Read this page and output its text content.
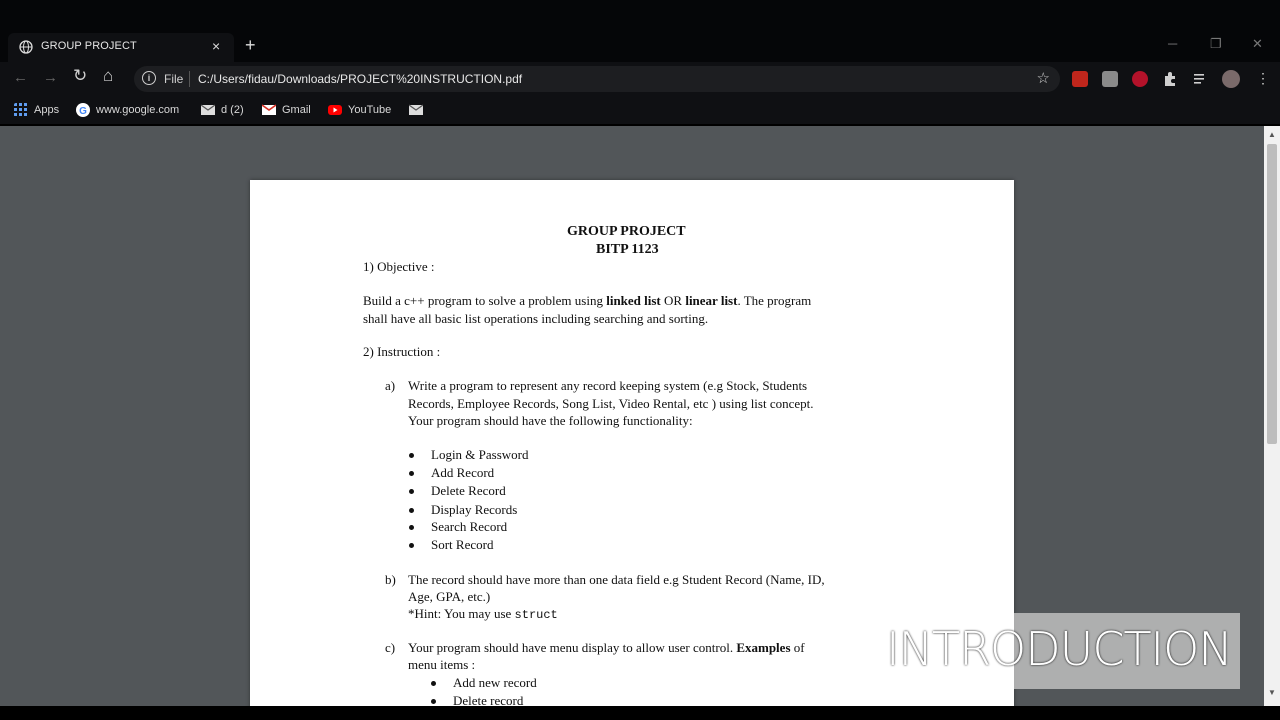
GROUP PROJECT	× +	─	❐ ✕
← → ↻ ⌂	i	File C:/Users/fidau/Downloads/PROJECT%20INSTRUCTION.pdf	☆	⋮
Apps G www.google.com	d (2)	Gmail	YouTube
GROUP PROJECT
BITP 1123
1) Objective :
Build a c++ program to solve a problem using linked list OR linear list. The program
shall have all basic list operations including searching and sorting.
2) Instruction :
a) Write a program to represent any record keeping system (e.g Stock, Students
Records, Employee Records, Song List, Video Rental, etc ) using list concept.
Your program should have the following functionality:
Login & Password
Add Record
Delete Record
Display Records
Search Record
Sort Record
b) The record should have more than one data field e.g Student Record (Name, ID,
Age, GPA, etc.)
*Hint: You may use struct
c) Your program should have menu display to allow user control. Examples of
menu items :
Add new record
Delete record
▲
▼
INTRODUCTION
